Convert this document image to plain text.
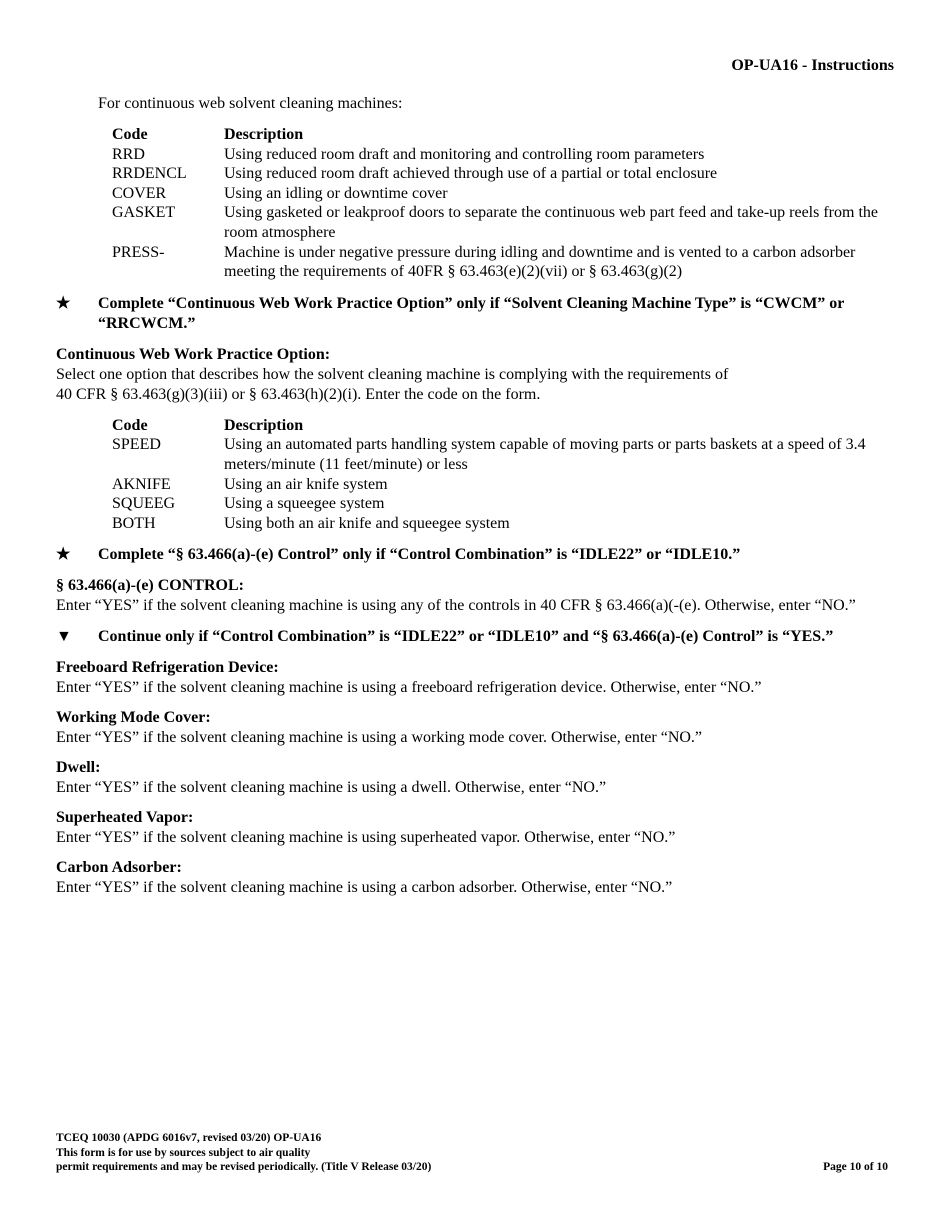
OP-UA16 - Instructions
For continuous web solvent cleaning machines:
Code	Description
RRD	Using reduced room draft and monitoring and controlling room parameters
RRDENCL	Using reduced room draft achieved through use of a partial or total enclosure
COVER	Using an idling or downtime cover
GASKET	Using gasketed or leakproof doors to separate the continuous web part feed and take-up reels from the room atmosphere
PRESS-	Machine is under negative pressure during idling and downtime and is vented to a carbon adsorber meeting the requirements of 40FR § 63.463(e)(2)(vii) or § 63.463(g)(2)
★	Complete “Continuous Web Work Practice Option” only if “Solvent Cleaning Machine Type” is “CWCM” or “RRCWCM.”
Continuous Web Work Practice Option:
Select one option that describes how the solvent cleaning machine is complying with the requirements of
40 CFR § 63.463(g)(3)(iii) or § 63.463(h)(2)(i). Enter the code on the form.
Code	Description
SPEED	Using an automated parts handling system capable of moving parts or parts baskets at a speed of 3.4 meters/minute (11 feet/minute) or less
AKNIFE	Using an air knife system
SQUEEG	Using a squeegee system
BOTH	Using both an air knife and squeegee system
★	Complete “§ 63.466(a)-(e) Control” only if “Control Combination” is “IDLE22” or “IDLE10.”
§ 63.466(a)-(e) CONTROL:
Enter “YES” if the solvent cleaning machine is using any of the controls in 40 CFR § 63.466(a)(-(e). Otherwise, enter “NO.”
▼	Continue only if “Control Combination” is “IDLE22” or “IDLE10” and “§ 63.466(a)-(e) Control” is “YES.”
Freeboard Refrigeration Device:
Enter “YES” if the solvent cleaning machine is using a freeboard refrigeration device. Otherwise, enter “NO.”
Working Mode Cover:
Enter “YES” if the solvent cleaning machine is using a working mode cover. Otherwise, enter “NO.”
Dwell:
Enter “YES” if the solvent cleaning machine is using a dwell. Otherwise, enter “NO.”
Superheated Vapor:
Enter “YES” if the solvent cleaning machine is using superheated vapor. Otherwise, enter “NO.”
Carbon Adsorber:
Enter “YES” if the solvent cleaning machine is using a carbon adsorber. Otherwise, enter “NO.”
TCEQ 10030 (APDG 6016v7, revised 03/20) OP-UA16
This form is for use by sources subject to air quality
permit requirements and may be revised periodically. (Title V Release 03/20)	Page 10 of 10
